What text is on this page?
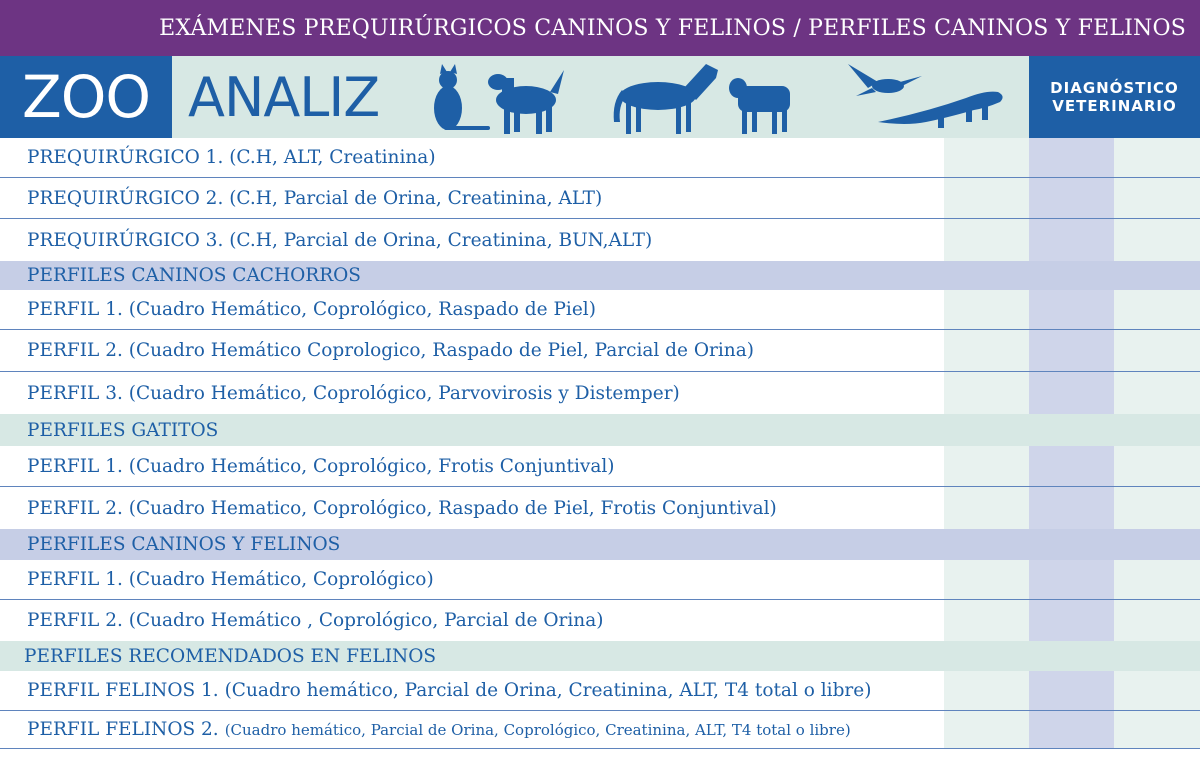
EXÁMENES PREQUIRÚRGICOS CANINOS Y FELINOS / PERFILES CANINOS Y FELINOS
ZOO ANALIZ	DIAGNÓSTICO
VETERINARIO
PREQUIRÚRGICO 1. (C.H, ALT, Creatinina)
PREQUIRÚRGICO 2. (C.H, Parcial de Orina, Creatinina, ALT)
PREQUIRÚRGICO 3. (C.H, Parcial de Orina, Creatinina, BUN,ALT)
PERFILES CANINOS CACHORROS
PERFIL 1. (Cuadro Hemático, Coprológico, Raspado de Piel)
PERFIL 2. (Cuadro Hemático Coprologico, Raspado de Piel, Parcial de Orina)
PERFIL 3. (Cuadro Hemático, Coprológico, Parvovirosis y Distemper)
PERFILES GATITOS
PERFIL 1. (Cuadro Hemático, Coprológico, Frotis Conjuntival)
PERFIL 2. (Cuadro Hematico, Coprológico, Raspado de Piel, Frotis Conjuntival)
PERFILES CANINOS Y FELINOS
PERFIL 1. (Cuadro Hemático, Coprológico)
PERFIL 2. (Cuadro Hemático , Coprológico, Parcial de Orina)
PERFILES RECOMENDADOS EN FELINOS
PERFIL FELINOS 1. (Cuadro hemático, Parcial de Orina, Creatinina, ALT, T4 total o libre)
PERFIL FELINOS 2. (Cuadro hemático, Parcial de Orina, Coprológico, Creatinina, ALT, T4 total o libre)
